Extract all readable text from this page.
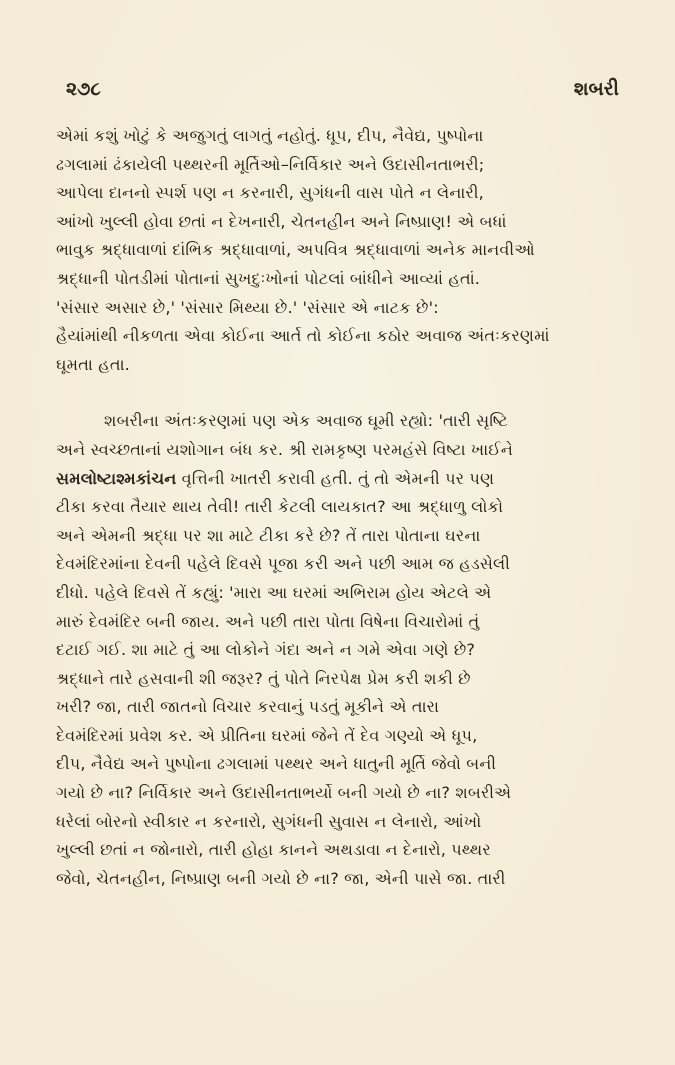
૨૭૮	શબરી

એમાં કશું ખોટું કે અજુગતું લાગતું નહોતું. ધૂપ, દીપ, નૈવેદ્ય, પુષ્પોના
ઢગલામાં ઢંકાયેલી પથ્થરની મૂર્તિઓ–નિર્વિકાર અને ઉદાસીનતાભરી;
આપેલા દાનનો સ્પર્શ પણ ન કરનારી, સુગંધની વાસ પોતે ન લેનારી,
આંખો ખુલ્લી હોવા છતાં ન દેખનારી, ચેતનહીન અને નિષ્પ્રાણ! એ બધાં
ભાવુક શ્રદ્ધાવાળાં દાંભિક શ્રદ્ધાવાળાં, અપવિત્ર શ્રદ્ધાવાળાં અનેક માનવીઓ
શ્રદ્ધાની પોતડીમાં પોતાનાં સુખદુઃખોનાં પોટલાં બાંધીને આવ્યાં હતાં.
'સંસાર અસાર છે,' 'સંસાર મિથ્યા છે.' 'સંસાર એ નાટક છે':
હૈયાંમાંથી નીકળતા એવા કોઈના આર્ત તો કોઈના કઠોર અવાજ અંતઃકરણમાં
ઘૂમતા હતા.

શબરીના અંતઃકરણમાં પણ એક અવાજ ઘૂમી રહ્યો: 'તારી સૃષ્ટિ
અને સ્વચ્છતાનાં યશોગાન બંધ કર. શ્રી રામકૃષ્ણ પરમહંસે વિષ્ટા ખાઈને
સમલોષ્ટાશ્મકાંચન વૃત્તિની ખાતરી કરાવી હતી. તું તો એમની પર પણ
ટીકા કરવા તૈયાર થાય તેવી! તારી કેટલી લાયકાત? આ શ્રદ્ધાળુ લોકો
અને એમની શ્રદ્ધા પર શા માટે ટીકા કરે છે? તેં તારા પોતાના ઘરના
દેવમંદિરમાંના દેવની પહેલે દિવસે પૂજા કરી અને પછી આમ જ હડસેલી
દીધો. પહેલે દિવસે તેં કહ્યું: 'મારા આ ઘરમાં અભિરામ હોય એટલે એ
મારું દેવમંદિર બની જાય. અને પછી તારા પોતા વિષેના વિચારોમાં તું
દટાઈ ગઈ. શા માટે તું આ લોકોને ગંદા અને ન ગમે એવા ગણે છે?
શ્રદ્ધાને તારે હસવાની શી જરૂર? તું પોતે નિરપેક્ષ પ્રેમ કરી શકી છે
ખરી? જા, તારી જાતનો વિચાર કરવાનું પડતું મૂકીને એ તારા
દેવમંદિરમાં પ્રવેશ કર. એ પ્રીતિના ઘરમાં જેને તેં દેવ ગણ્યો એ ધૂપ,
દીપ, નૈવેદ્ય અને પુષ્પોના ઢગલામાં પથ્થર અને ધાતુની મૂર્તિ જેવો બની
ગયો છે ના? નિર્વિકાર અને ઉદાસીનતાભર્યો બની ગયો છે ના? શબરીએ
ધરેલાં બોરનો સ્વીકાર ન કરનારો, સુગંધની સુવાસ ન લેનારો, આંખો
ખુલ્લી છતાં ન જોનારો, તારી હોહા કાનને અથડાવા ન દેનારો, પથ્થર
જેવો, ચેતનહીન, નિષ્પ્રાણ બની ગયો છે ના? જા, એની પાસે જા. તારી
